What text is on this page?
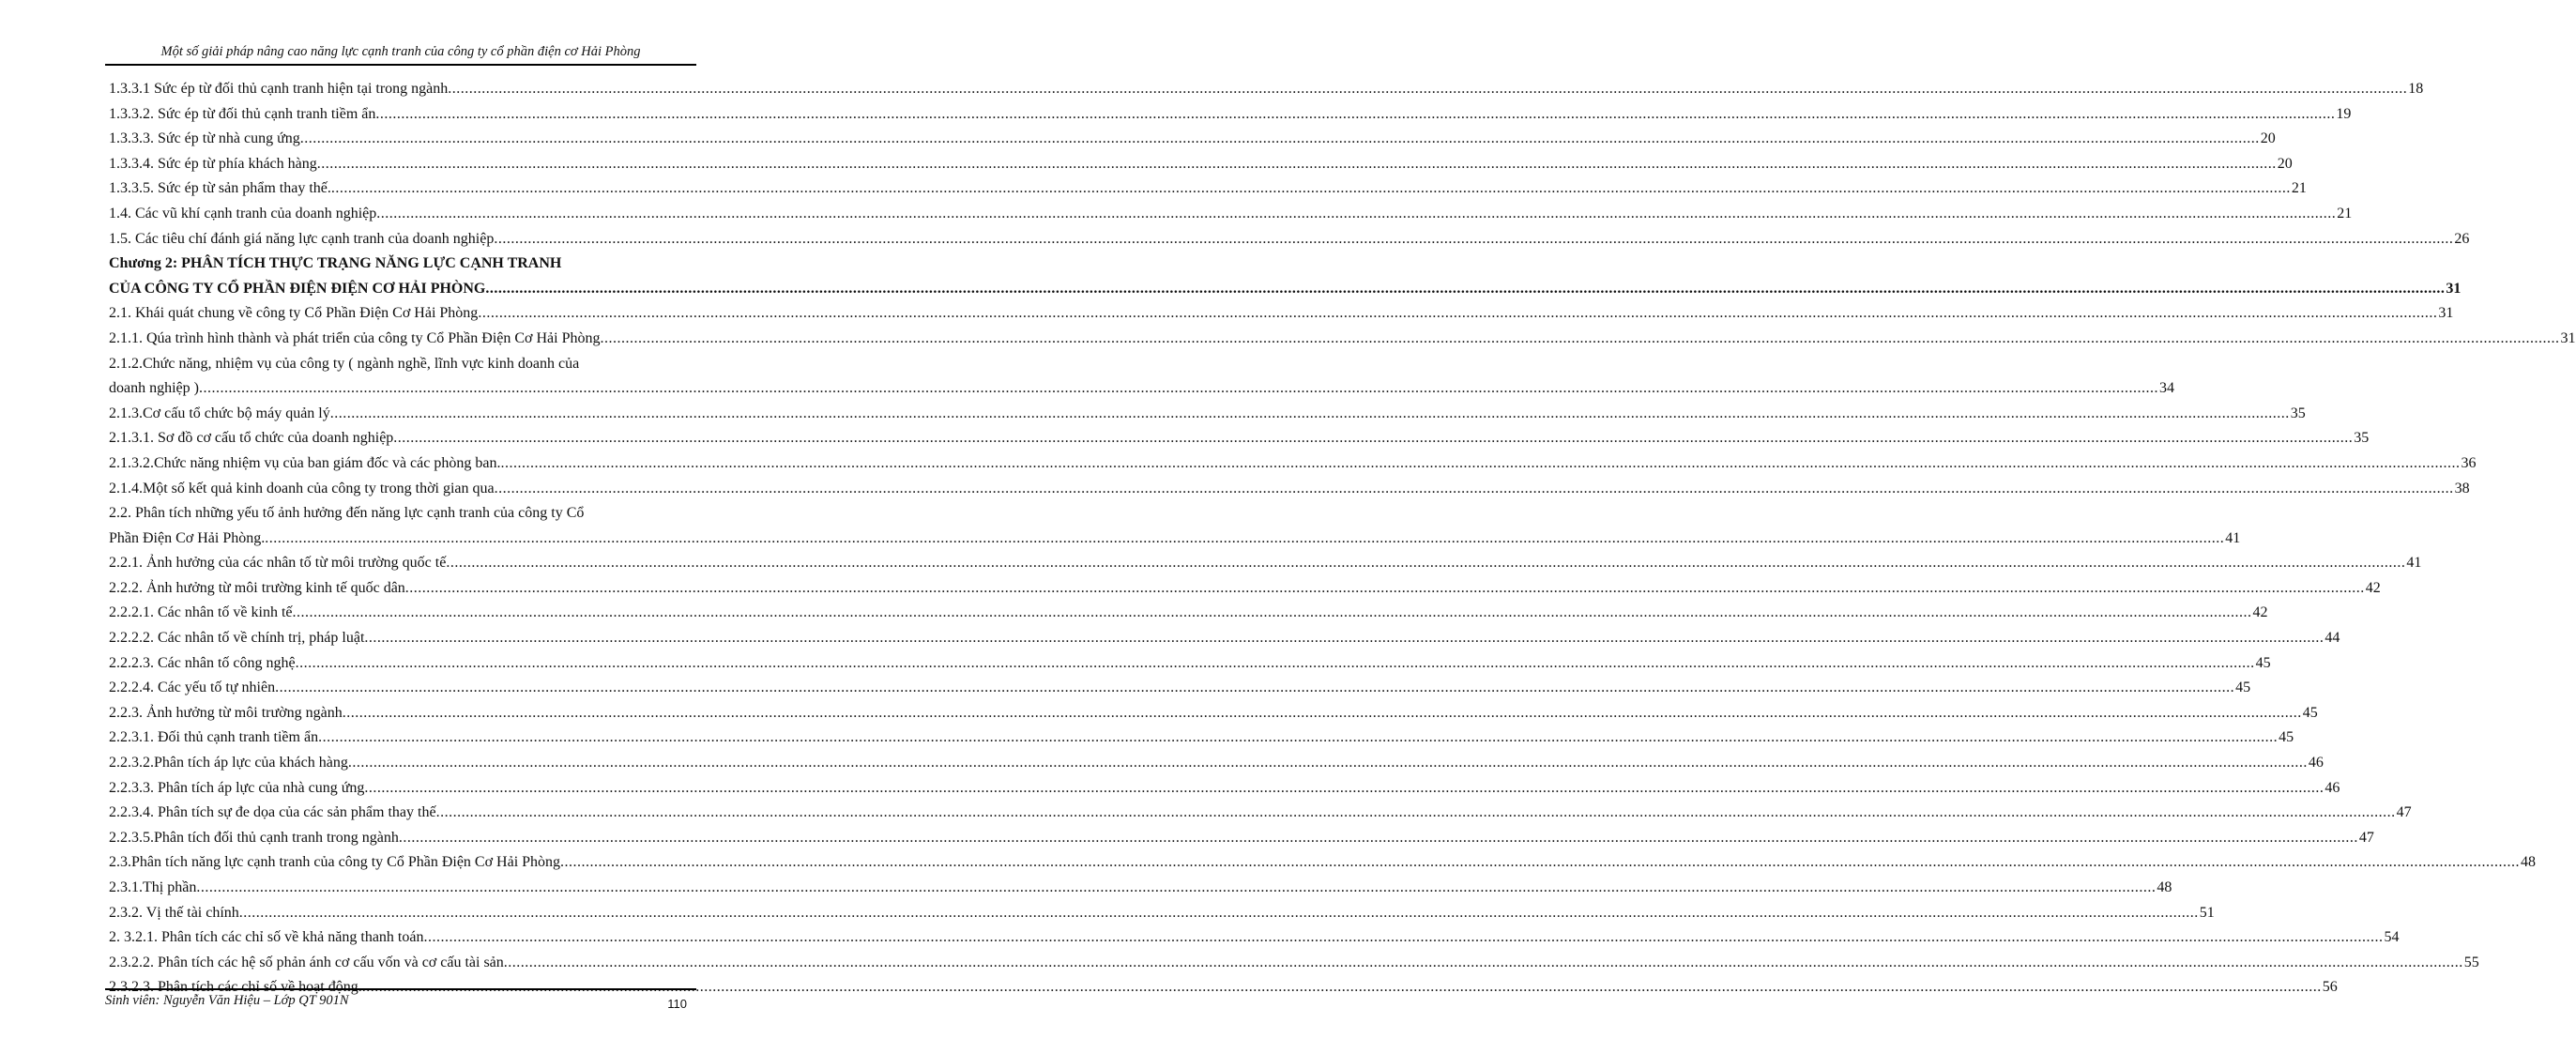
Một số giải pháp nâng cao năng lực cạnh tranh của công ty cổ phần điện cơ Hải Phòng
1.3.3.1 Sức ép từ đối thủ cạnh tranh hiện tại trong ngành .....	18
1.3.3.2. Sức ép từ đối thủ cạnh tranh tiềm ẩn .....	19
1.3.3.3. Sức ép từ nhà cung ứng .....	20
1.3.3.4. Sức ép từ phía khách hàng .....	20
1.3.3.5. Sức ép từ sản phẩm thay thế. .....	21
1.4. Các vũ khí cạnh tranh của doanh nghiệp .....	21
1.5. Các tiêu chí đánh giá năng lực cạnh tranh của doanh nghiệp .....	26
Chương 2: PHÂN TÍCH THỰC TRẠNG NĂNG LỰC CẠNH TRANH
CỦA CÔNG TY CỔ PHẦN ĐIỆN ĐIỆN CƠ HẢI PHÒNG .....	31
2.1. Khái quát chung về công ty Cổ Phần Điện Cơ Hải Phòng .....	31
2.1.1. Qúa trình hình thành và phát triển của công ty Cổ Phần Điện Cơ Hải Phòng .....	31
2.1.2.Chức năng, nhiệm vụ của công ty ( ngành nghề, lĩnh vực kinh doanh của
doanh nghiệp ) .....	34
2.1.3.Cơ cấu tổ chức bộ máy quản lý .....	35
2.1.3.1. Sơ đồ cơ cấu tổ chức của doanh nghiệp .....	35
2.1.3.2.Chức năng nhiệm vụ của ban giám đốc và các phòng ban. .....	36
2.1.4.Một số kết quả kinh doanh của công ty trong thời gian qua .....	38
2.2. Phân tích những yếu tố ảnh hưởng đến năng lực cạnh tranh của công ty Cổ
Phần Điện Cơ Hải Phòng. .....	41
2.2.1. Ảnh hưởng của các nhân tố từ môi trường quốc tế .....	41
2.2.2. Ảnh hưởng từ môi trường kinh tế quốc dân .....	42
2.2.2.1. Các nhân tố về kinh tế .....	42
2.2.2.2. Các nhân tố về chính trị, pháp luật .....	44
2.2.2.3. Các nhân tố công nghệ .....	45
2.2.2.4. Các yếu tố tự nhiên .....	45
2.2.3. Ảnh hưởng từ môi trường ngành .....	45
2.2.3.1. Đối thủ cạnh tranh tiềm ẩn .....	45
2.2.3.2.Phân tích áp lực của khách hàng .....	46
2.2.3.3. Phân tích áp lực của nhà cung ứng .....	46
2.2.3.4. Phân tích sự đe dọa của các sản phẩm thay thế .....	47
2.2.3.5.Phân tích đối thủ cạnh tranh trong ngành .....	47
2.3.Phân tích năng lực cạnh tranh của công ty Cổ Phần Điện Cơ Hải Phòng .....	48
2.3.1.Thị phần .....	48
2.3.2. Vị thế tài chính .....	51
2. 3.2.1. Phân tích các chỉ số về khả năng thanh toán .....	54
2.3.2.2. Phân tích các hệ số phản ánh cơ cấu vốn và cơ cấu tài sản .....	55
2.3.2.3. Phân tích các chỉ số về hoạt động. .....	56
Sinh viên: Nguyễn Văn Hiệu – Lớp QT 901N	110
